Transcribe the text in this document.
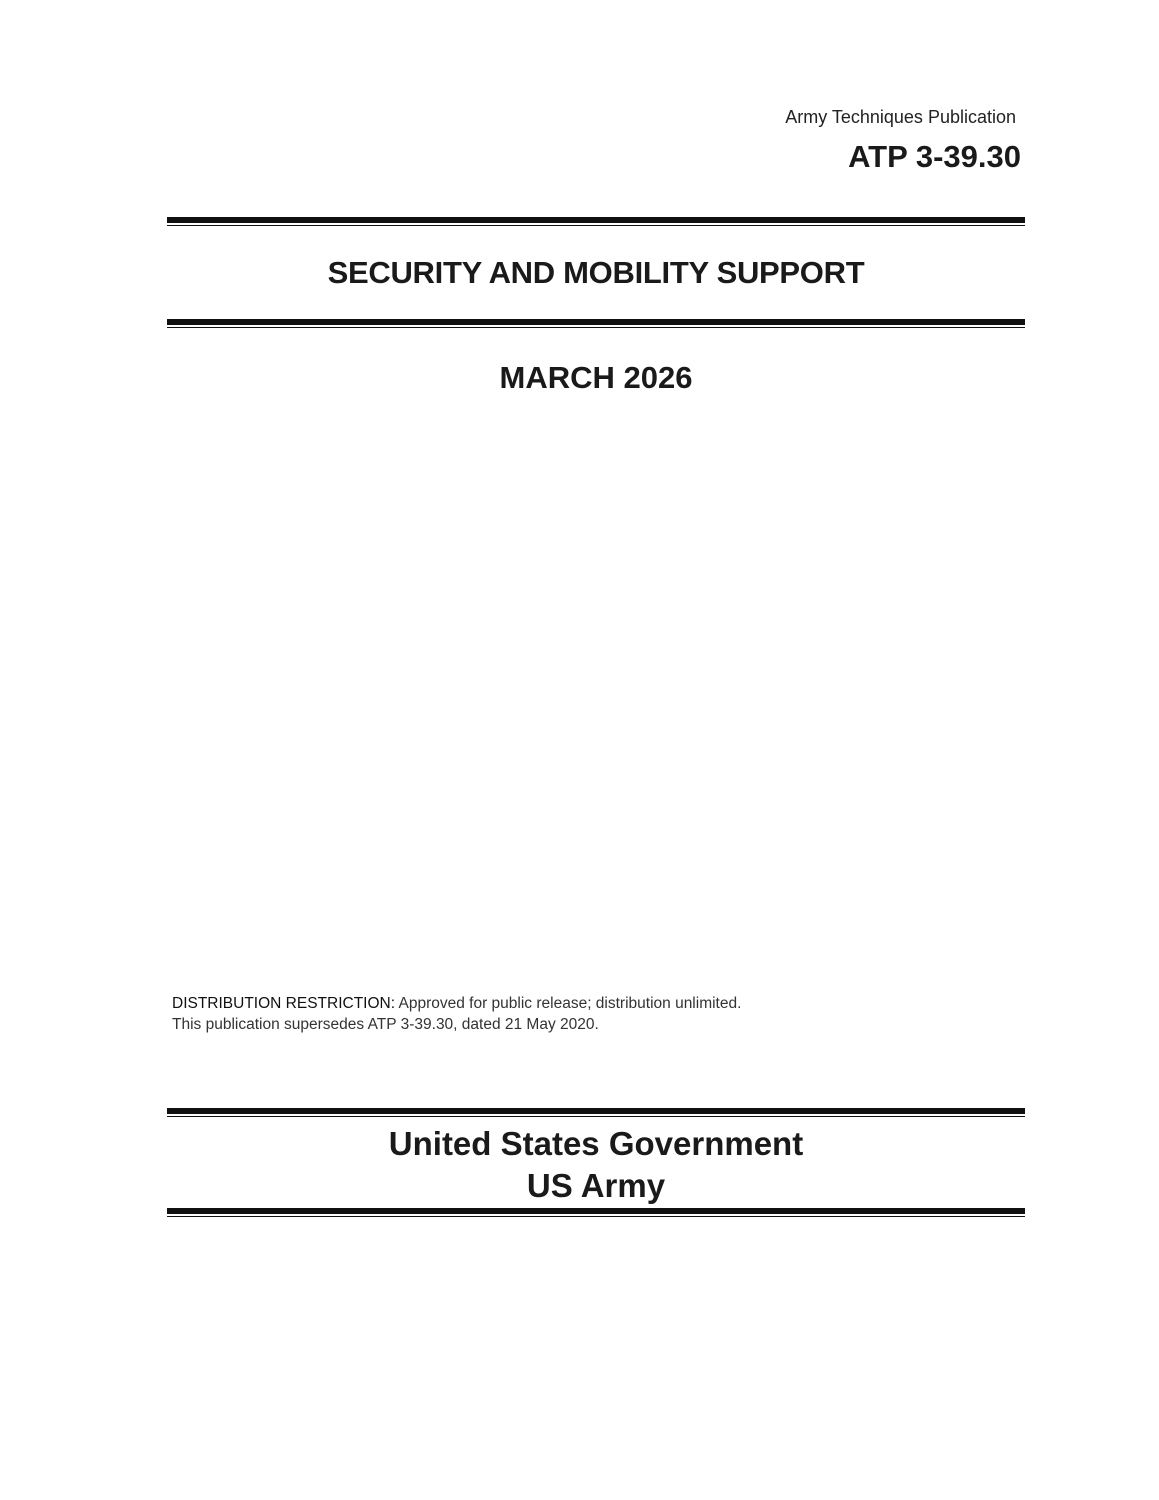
Army Techniques Publication
ATP 3-39.30
SECURITY AND MOBILITY SUPPORT
MARCH 2026
DISTRIBUTION RESTRICTION: Approved for public release; distribution unlimited.
This publication supersedes ATP 3-39.30, dated 21 May 2020.
United States Government
US Army
